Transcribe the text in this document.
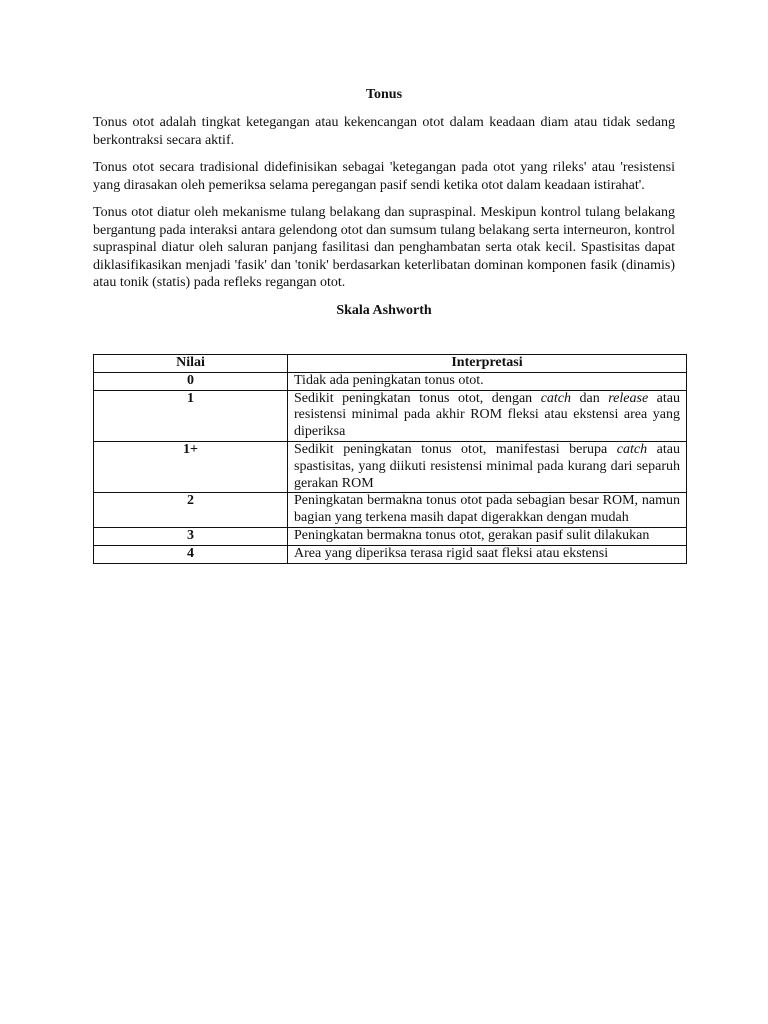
Tonus

Tonus otot adalah tingkat ketegangan atau kekencangan otot dalam keadaan diam atau tidak sedang berkontraksi secara aktif.

Tonus otot secara tradisional didefinisikan sebagai 'ketegangan pada otot yang rileks' atau 'resistensi yang dirasakan oleh pemeriksa selama peregangan pasif sendi ketika otot dalam keadaan istirahat'.

Tonus otot diatur oleh mekanisme tulang belakang dan supraspinal. Meskipun kontrol tulang belakang bergantung pada interaksi antara gelendong otot dan sumsum tulang belakang serta interneuron, kontrol supraspinal diatur oleh saluran panjang fasilitasi dan penghambatan serta otak kecil. Spastisitas dapat diklasifikasikan menjadi 'fasik' dan 'tonik' berdasarkan keterlibatan dominan komponen fasik (dinamis) atau tonik (statis) pada refleks regangan otot.

Skala Ashworth
Nilai	Interpretasi
0	Tidak ada peningkatan tonus otot.
1	Sedikit peningkatan tonus otot, dengan catch dan release atau resistensi minimal pada akhir ROM fleksi atau ekstensi area yang diperiksa
1+	Sedikit peningkatan tonus otot, manifestasi berupa catch atau spastisitas, yang diikuti resistensi minimal pada kurang dari separuh gerakan ROM
2	Peningkatan bermakna tonus otot pada sebagian besar ROM, namun bagian yang terkena masih dapat digerakkan dengan mudah
3	Peningkatan bermakna tonus otot, gerakan pasif sulit dilakukan
4	Area yang diperiksa terasa rigid saat fleksi atau ekstensi
